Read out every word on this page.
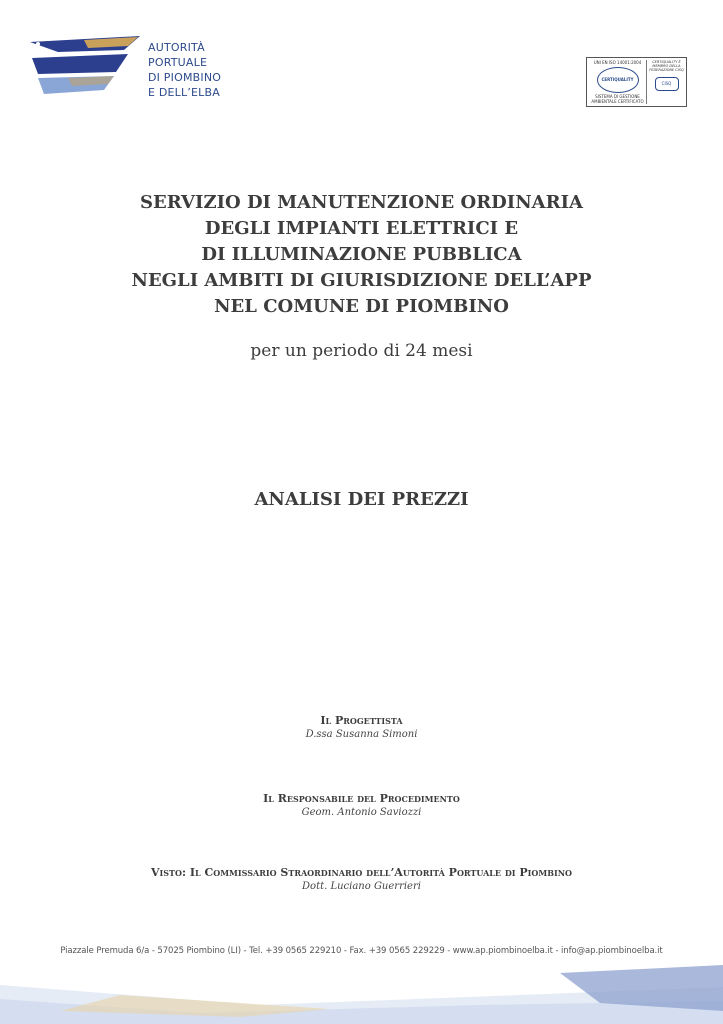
AUTORITÀ
PORTUALE
DI PIOMBINO
E DELL’ELBA
UNI EN ISO 14001:2004
CERTIQUALITY
SISTEMA DI GESTIONE AMBIENTALE CERTIFICATO
CERTIQUALITY È MEMBRO DELLA FEDERAZIONE CISQ
CISQ
SERVIZIO DI MANUTENZIONE ORDINARIA
DEGLI IMPIANTI ELETTRICI E
DI ILLUMINAZIONE PUBBLICA
NEGLI AMBITI DI GIURISDIZIONE DELL’APP
NEL COMUNE DI PIOMBINO
per un periodo di 24 mesi
ANALISI DEI PREZZI
Il Progettista
D.ssa Susanna Simoni
Il Responsabile del Procedimento
Geom. Antonio Saviozzi
Visto: Il Commissario Straordinario dell’Autorità Portuale di Piombino
Dott. Luciano Guerrieri
Piazzale Premuda 6/a - 57025 Piombino (LI) - Tel. +39 0565 229210 - Fax. +39 0565 229229 - www.ap.piombinoelba.it - info@ap.piombinoelba.it
